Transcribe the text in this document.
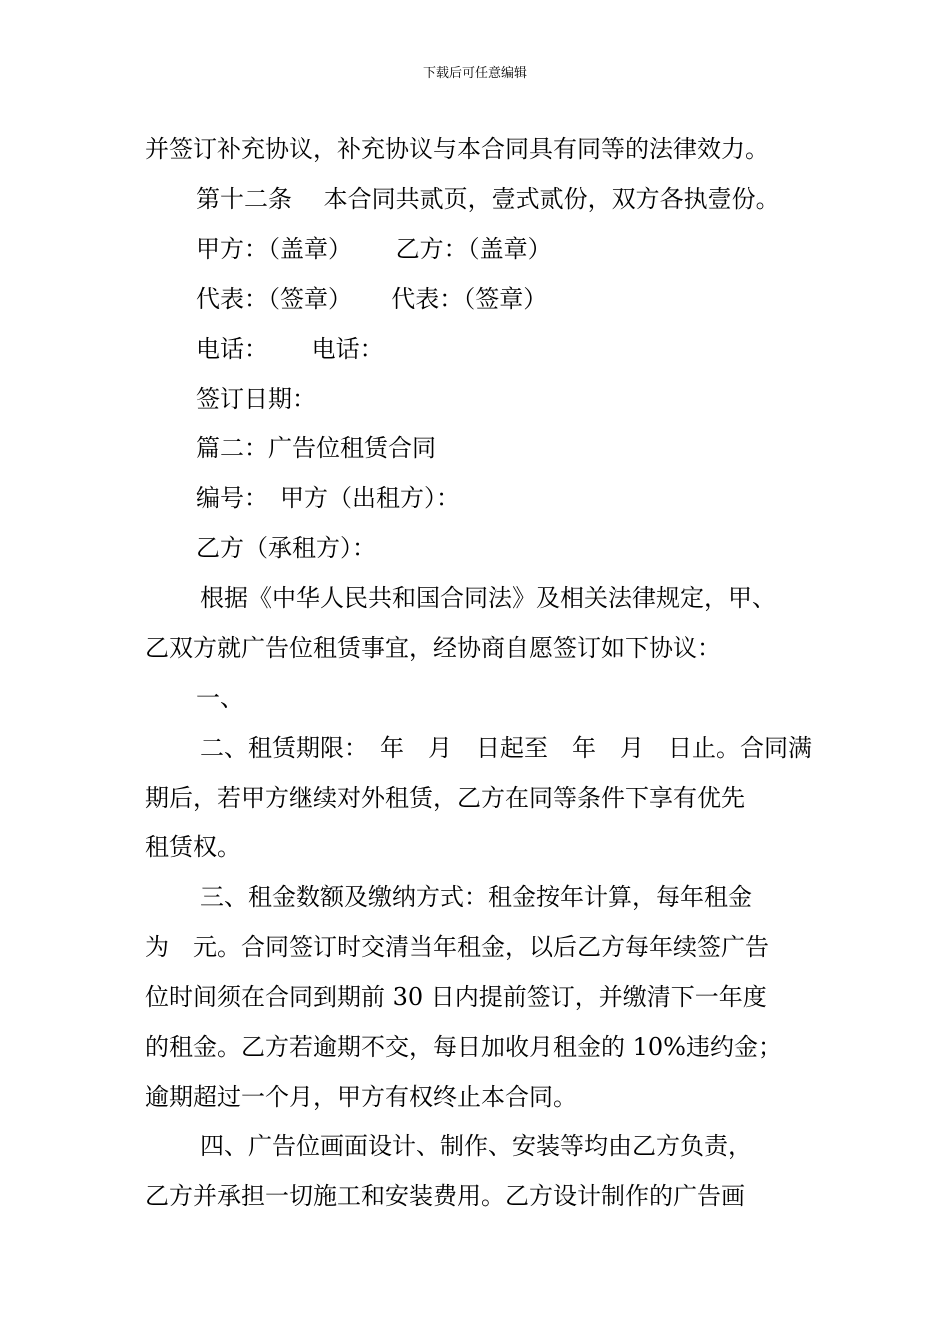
下载后可任意编辑
并签订补充协议，补充协议与本合同具有同等的法律效力。
第十二条 　本合同共贰页，壹式贰份，双方各执壹份。
甲方：（盖章）　 　乙方：（盖章）
代表：（签章） 　 代表：（签章）
电话：　 　电话：
签订日期：
篇二：广告位租赁合同
编号：　甲方（出租方）：
乙方（承租方）：
根据《中华人民共和国合同法》及相关法律规定，甲、
乙双方就广告位租赁事宜，经协商自愿签订如下协议：
一、
二、租赁期限：　年　月　日起至　年　月　日止。合同满
期后，若甲方继续对外租赁，乙方在同等条件下享有优先
租赁权。
三、租金数额及缴纳方式：租金按年计算，每年租金
为　元。合同签订时交清当年租金，以后乙方每年续签广告
位时间须在合同到期前 30 日内提前签订，并缴清下一年度
的租金。乙方若逾期不交，每日加收月租金的 10%违约金；
逾期超过一个月，甲方有权终止本合同。
四、广告位画面设计、制作、安装等均由乙方负责，
乙方并承担一切施工和安装费用。乙方设计制作的广告画
